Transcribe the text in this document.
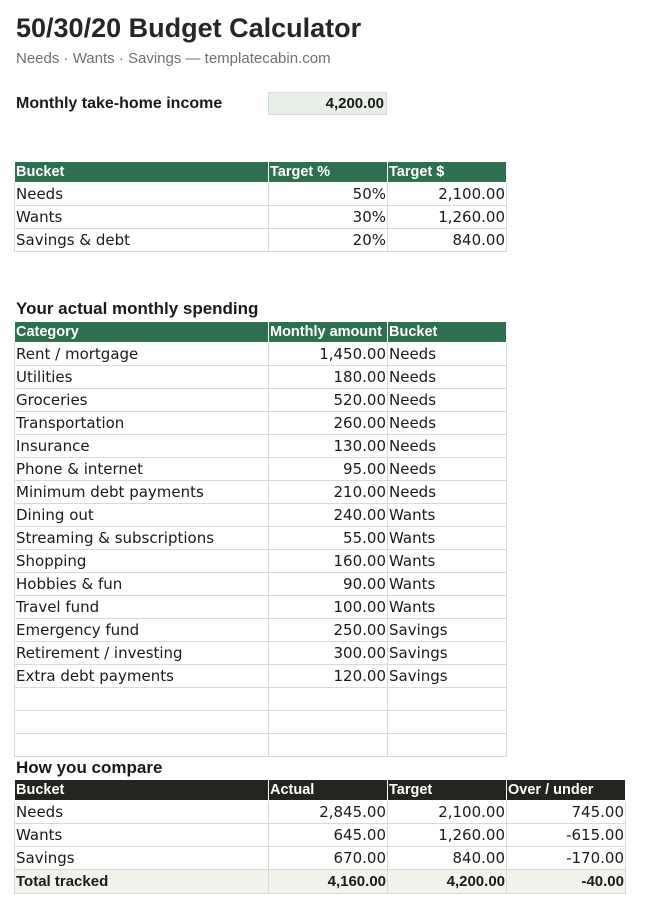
50/30/20 Budget Calculator
Needs · Wants · Savings — templatecabin.com
Monthly take-home income	4,200.00
Bucket	Target %	Target $
Needs	50%	2,100.00
Wants	30%	1,260.00
Savings & debt	20%	840.00
Your actual monthly spending
Category	Monthly amount	Bucket
Rent / mortgage	1,450.00	Needs
Utilities	180.00	Needs
Groceries	520.00	Needs
Transportation	260.00	Needs
Insurance	130.00	Needs
Phone & internet	95.00	Needs
Minimum debt payments	210.00	Needs
Dining out	240.00	Wants
Streaming & subscriptions	55.00	Wants
Shopping	160.00	Wants
Hobbies & fun	90.00	Wants
Travel fund	100.00	Wants
Emergency fund	250.00	Savings
Retirement / investing	300.00	Savings
Extra debt payments	120.00	Savings

How you compare
Bucket	Actual	Target	Over / under
Needs	2,845.00	2,100.00	745.00
Wants	645.00	1,260.00	-615.00
Savings	670.00	840.00	-170.00
Total tracked	4,160.00	4,200.00	-40.00
